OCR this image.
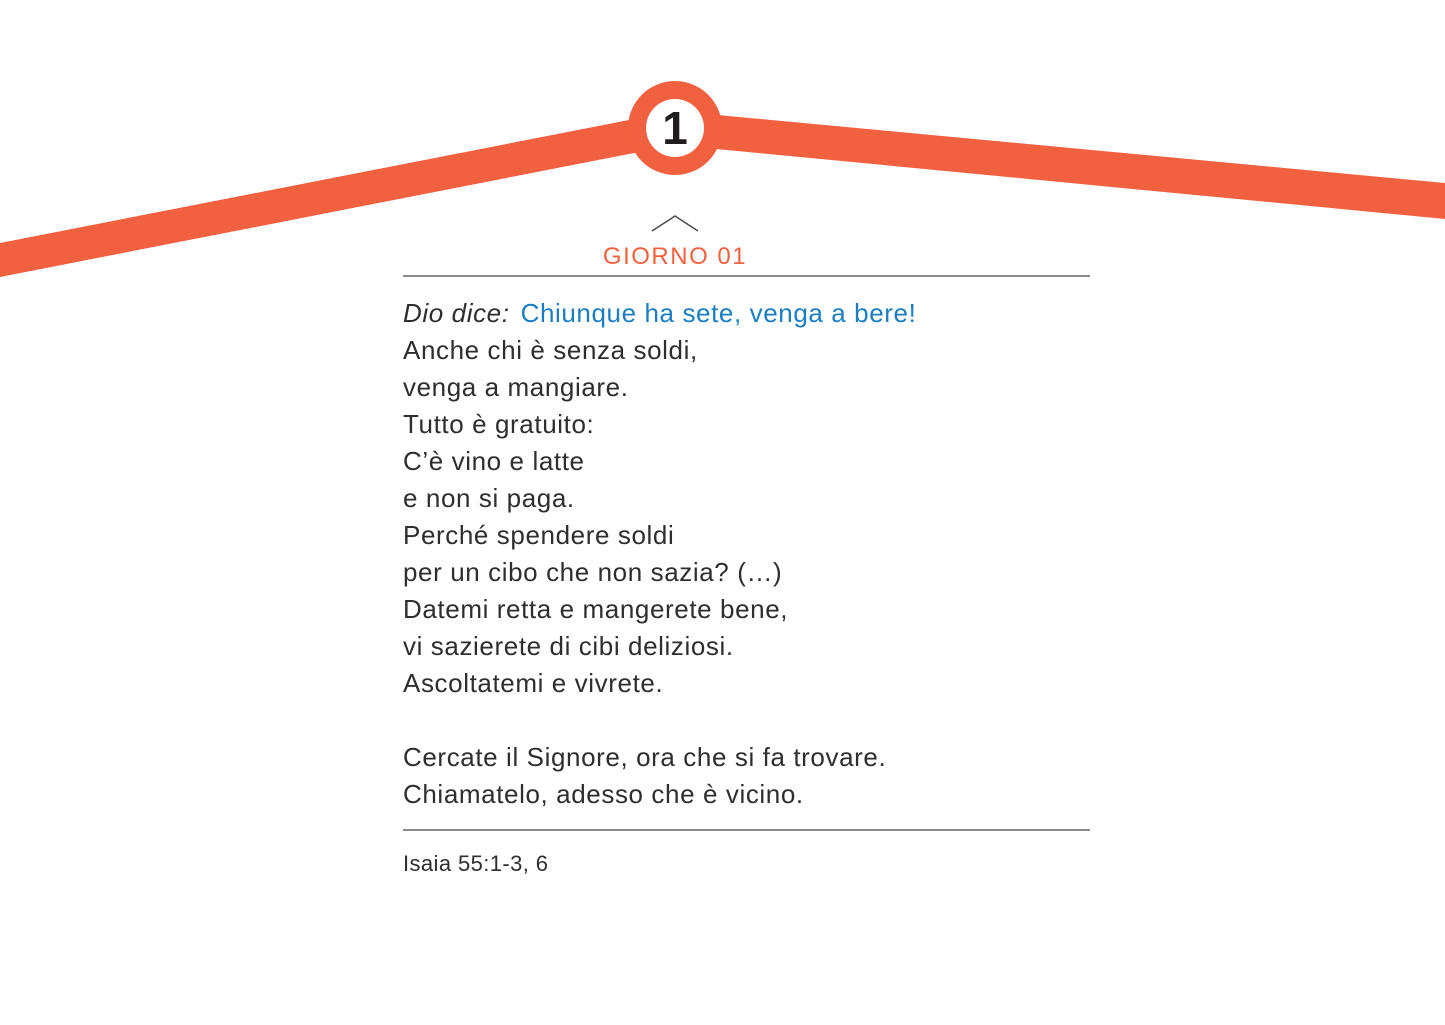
1
GIORNO 01
Dio dice: Chiunque ha sete, venga a bere!
Anche chi è senza soldi,
venga a mangiare.
Tutto è gratuito:
C’è vino e latte
e non si paga.
Perché spendere soldi
per un cibo che non sazia? (…)
Datemi retta e mangerete bene,
vi sazierete di cibi deliziosi.
Ascoltatemi e vivrete.
Cercate il Signore, ora che si fa trovare.
Chiamatelo, adesso che è vicino.
Isaia 55:1-3, 6
